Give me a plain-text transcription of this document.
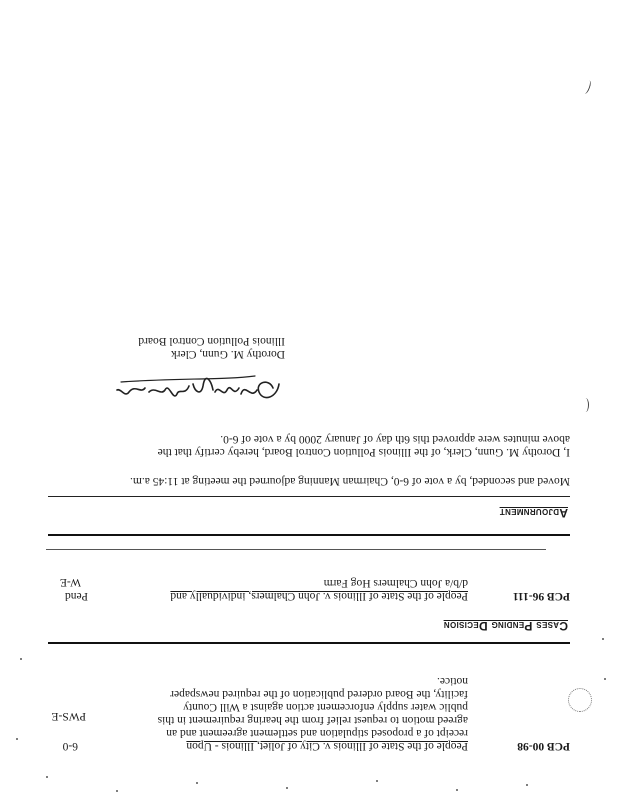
PCB 00-98
People of the State of Illinois v. City of Joliet, Illinois - Upon
receipt of a proposed stipulation and settlement agreement and an
agreed motion to request relief from the hearing requirement in this
public water supply enforcement action against a Will County
facility, the Board ordered publication of the required newspaper
notice.
6-0
PWS-E
Cases Pending Decision
PCB 96-111
People of the State of Illinois v. John Chalmers, individually and
d/b/a John Chalmers Hog Farm
Pend
W-E
Adjournment
Moved and seconded, by a vote of 6-0, Chairman Manning adjourned the meeting at 11:45 a.m.
I, Dorothy M. Gunn, Clerk, of the Illinois Pollution Control Board, hereby certify that the
above minutes were approved this 6th day of January 2000 by a vote of 6-0.
Dorothy M. Gunn, Clerk
Illinois Pollution Control Board
